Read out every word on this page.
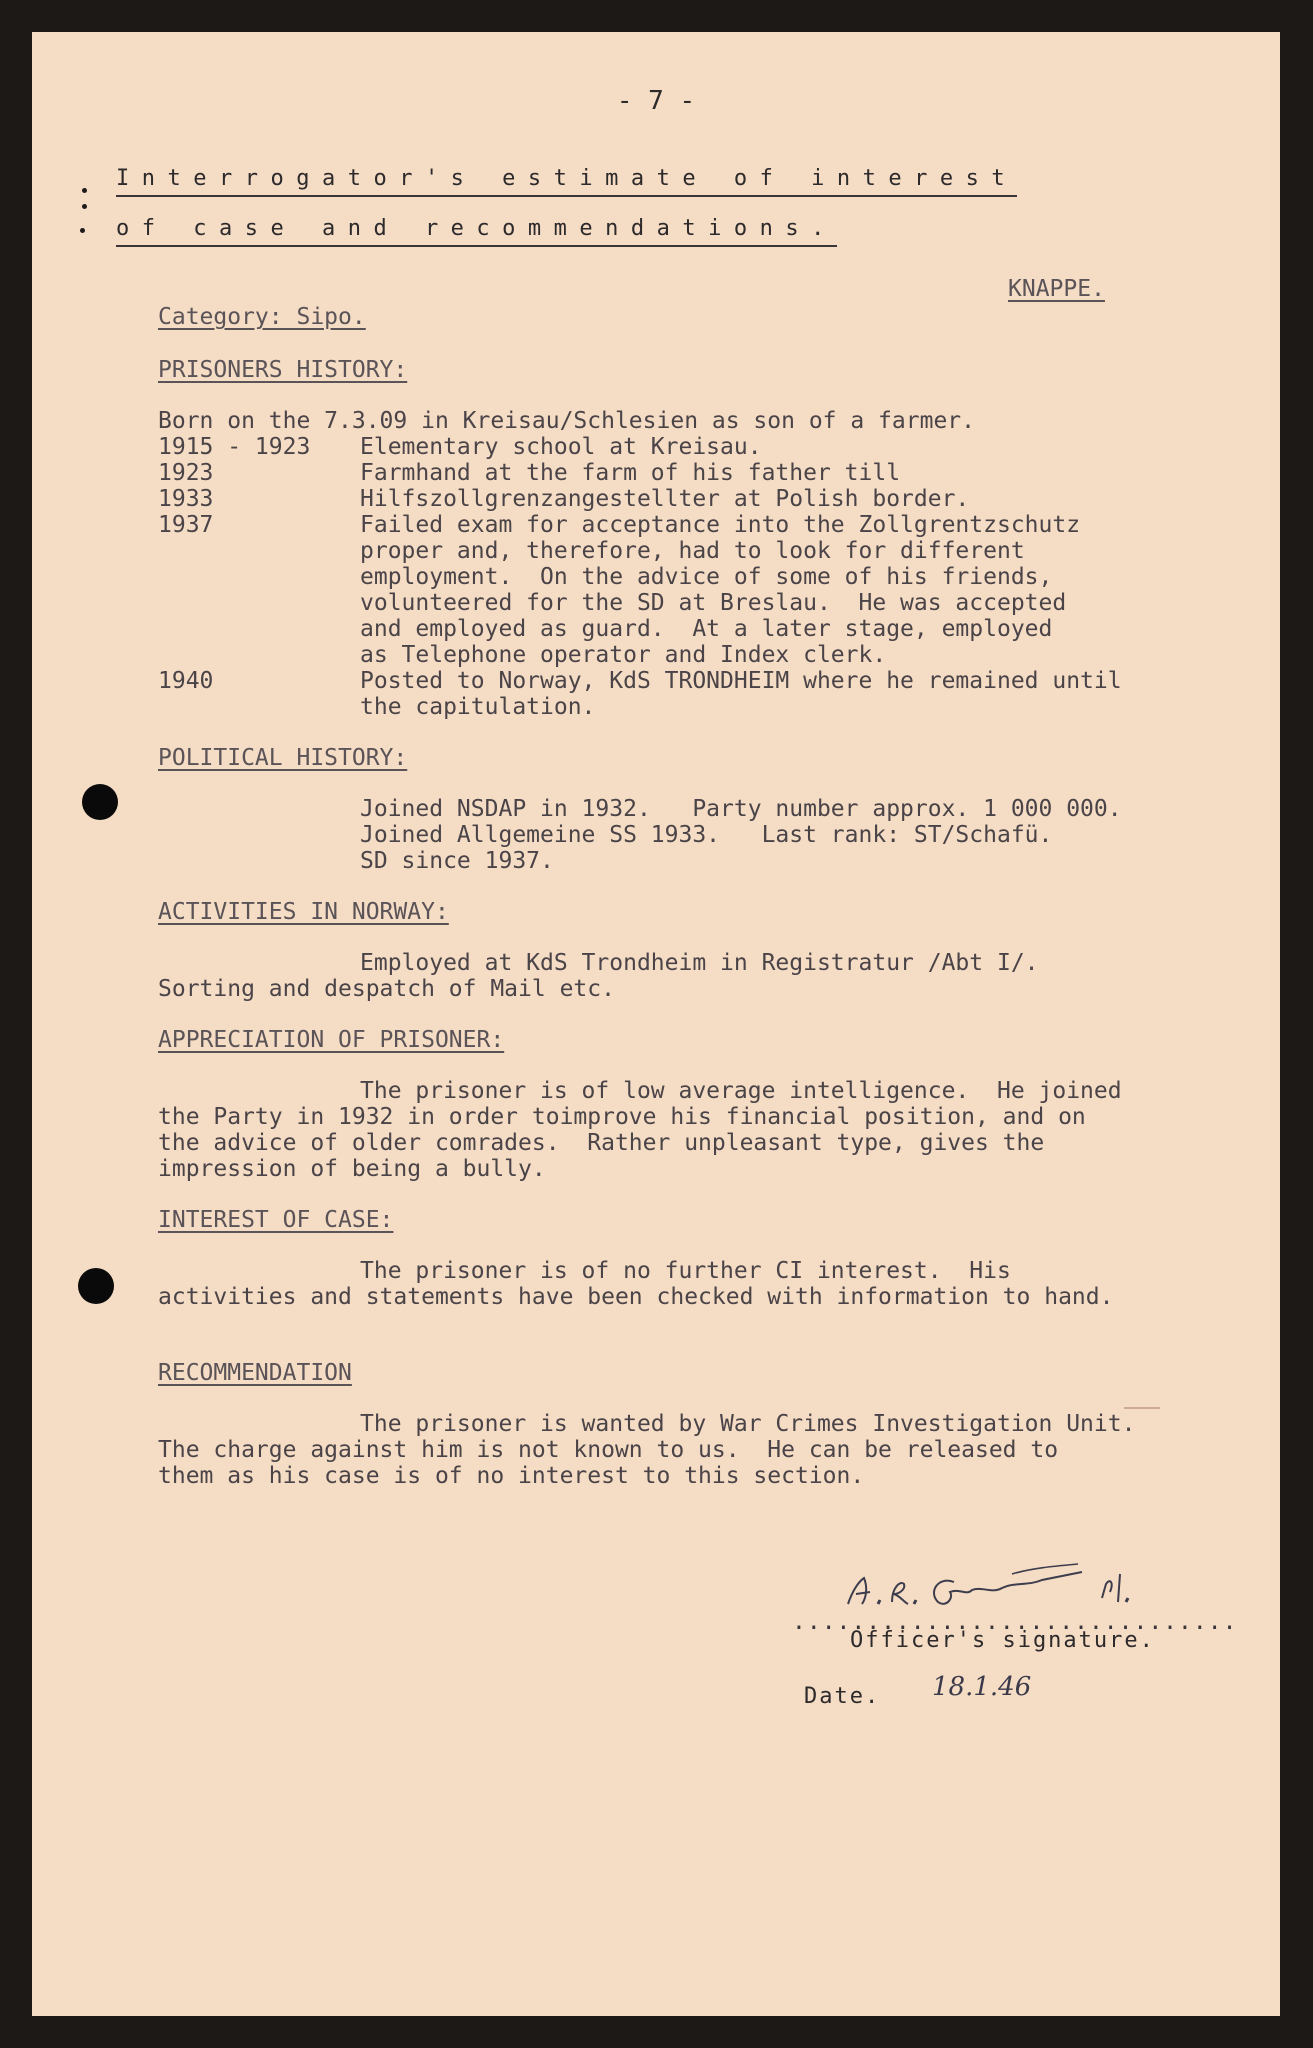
- 7 -
Interrogator's estimate of interest
of case and recommendations.
KNAPPE.
Category: Sipo.
PRISONERS HISTORY:
Born on the 7.3.09 in Kreisau/Schlesien as son of a farmer.
1915 - 1923 Elementary school at Kreisau.
1923	Farmhand at the farm of his father till
1933	Hilfszollgrenzangestellter at Polish border.
1937	Failed exam for acceptance into the Zollgrentzschutz
proper and, therefore, had to look for different
employment.  On the advice of some of his friends,
volunteered for the SD at Breslau.  He was accepted
and employed as guard.  At a later stage, employed
as Telephone operator and Index clerk.
1940	Posted to Norway, KdS TRONDHEIM where he remained until
the capitulation.
POLITICAL HISTORY:
Joined NSDAP in 1932.   Party number approx. 1 000 000.
Joined Allgemeine SS 1933.   Last rank: ST/Schafü.
SD since 1937.
ACTIVITIES IN NORWAY:
Employed at KdS Trondheim in Registratur /Abt I/.
Sorting and despatch of Mail etc.
APPRECIATION OF PRISONER:
The prisoner is of low average intelligence.  He joined
the Party in 1932 in order toimprove his financial position, and on
the advice of older comrades.  Rather unpleasant type, gives the
impression of being a bully.
INTEREST OF CASE:
The prisoner is of no further CI interest.  His
activities and statements have been checked with information to hand.
RECOMMENDATION
The prisoner is wanted by War Crimes Investigation Unit.
The charge against him is not known to us.  He can be released to
them as his case is of no interest to this section.
..............................
Officer's signature.
Date. 18.1.46
